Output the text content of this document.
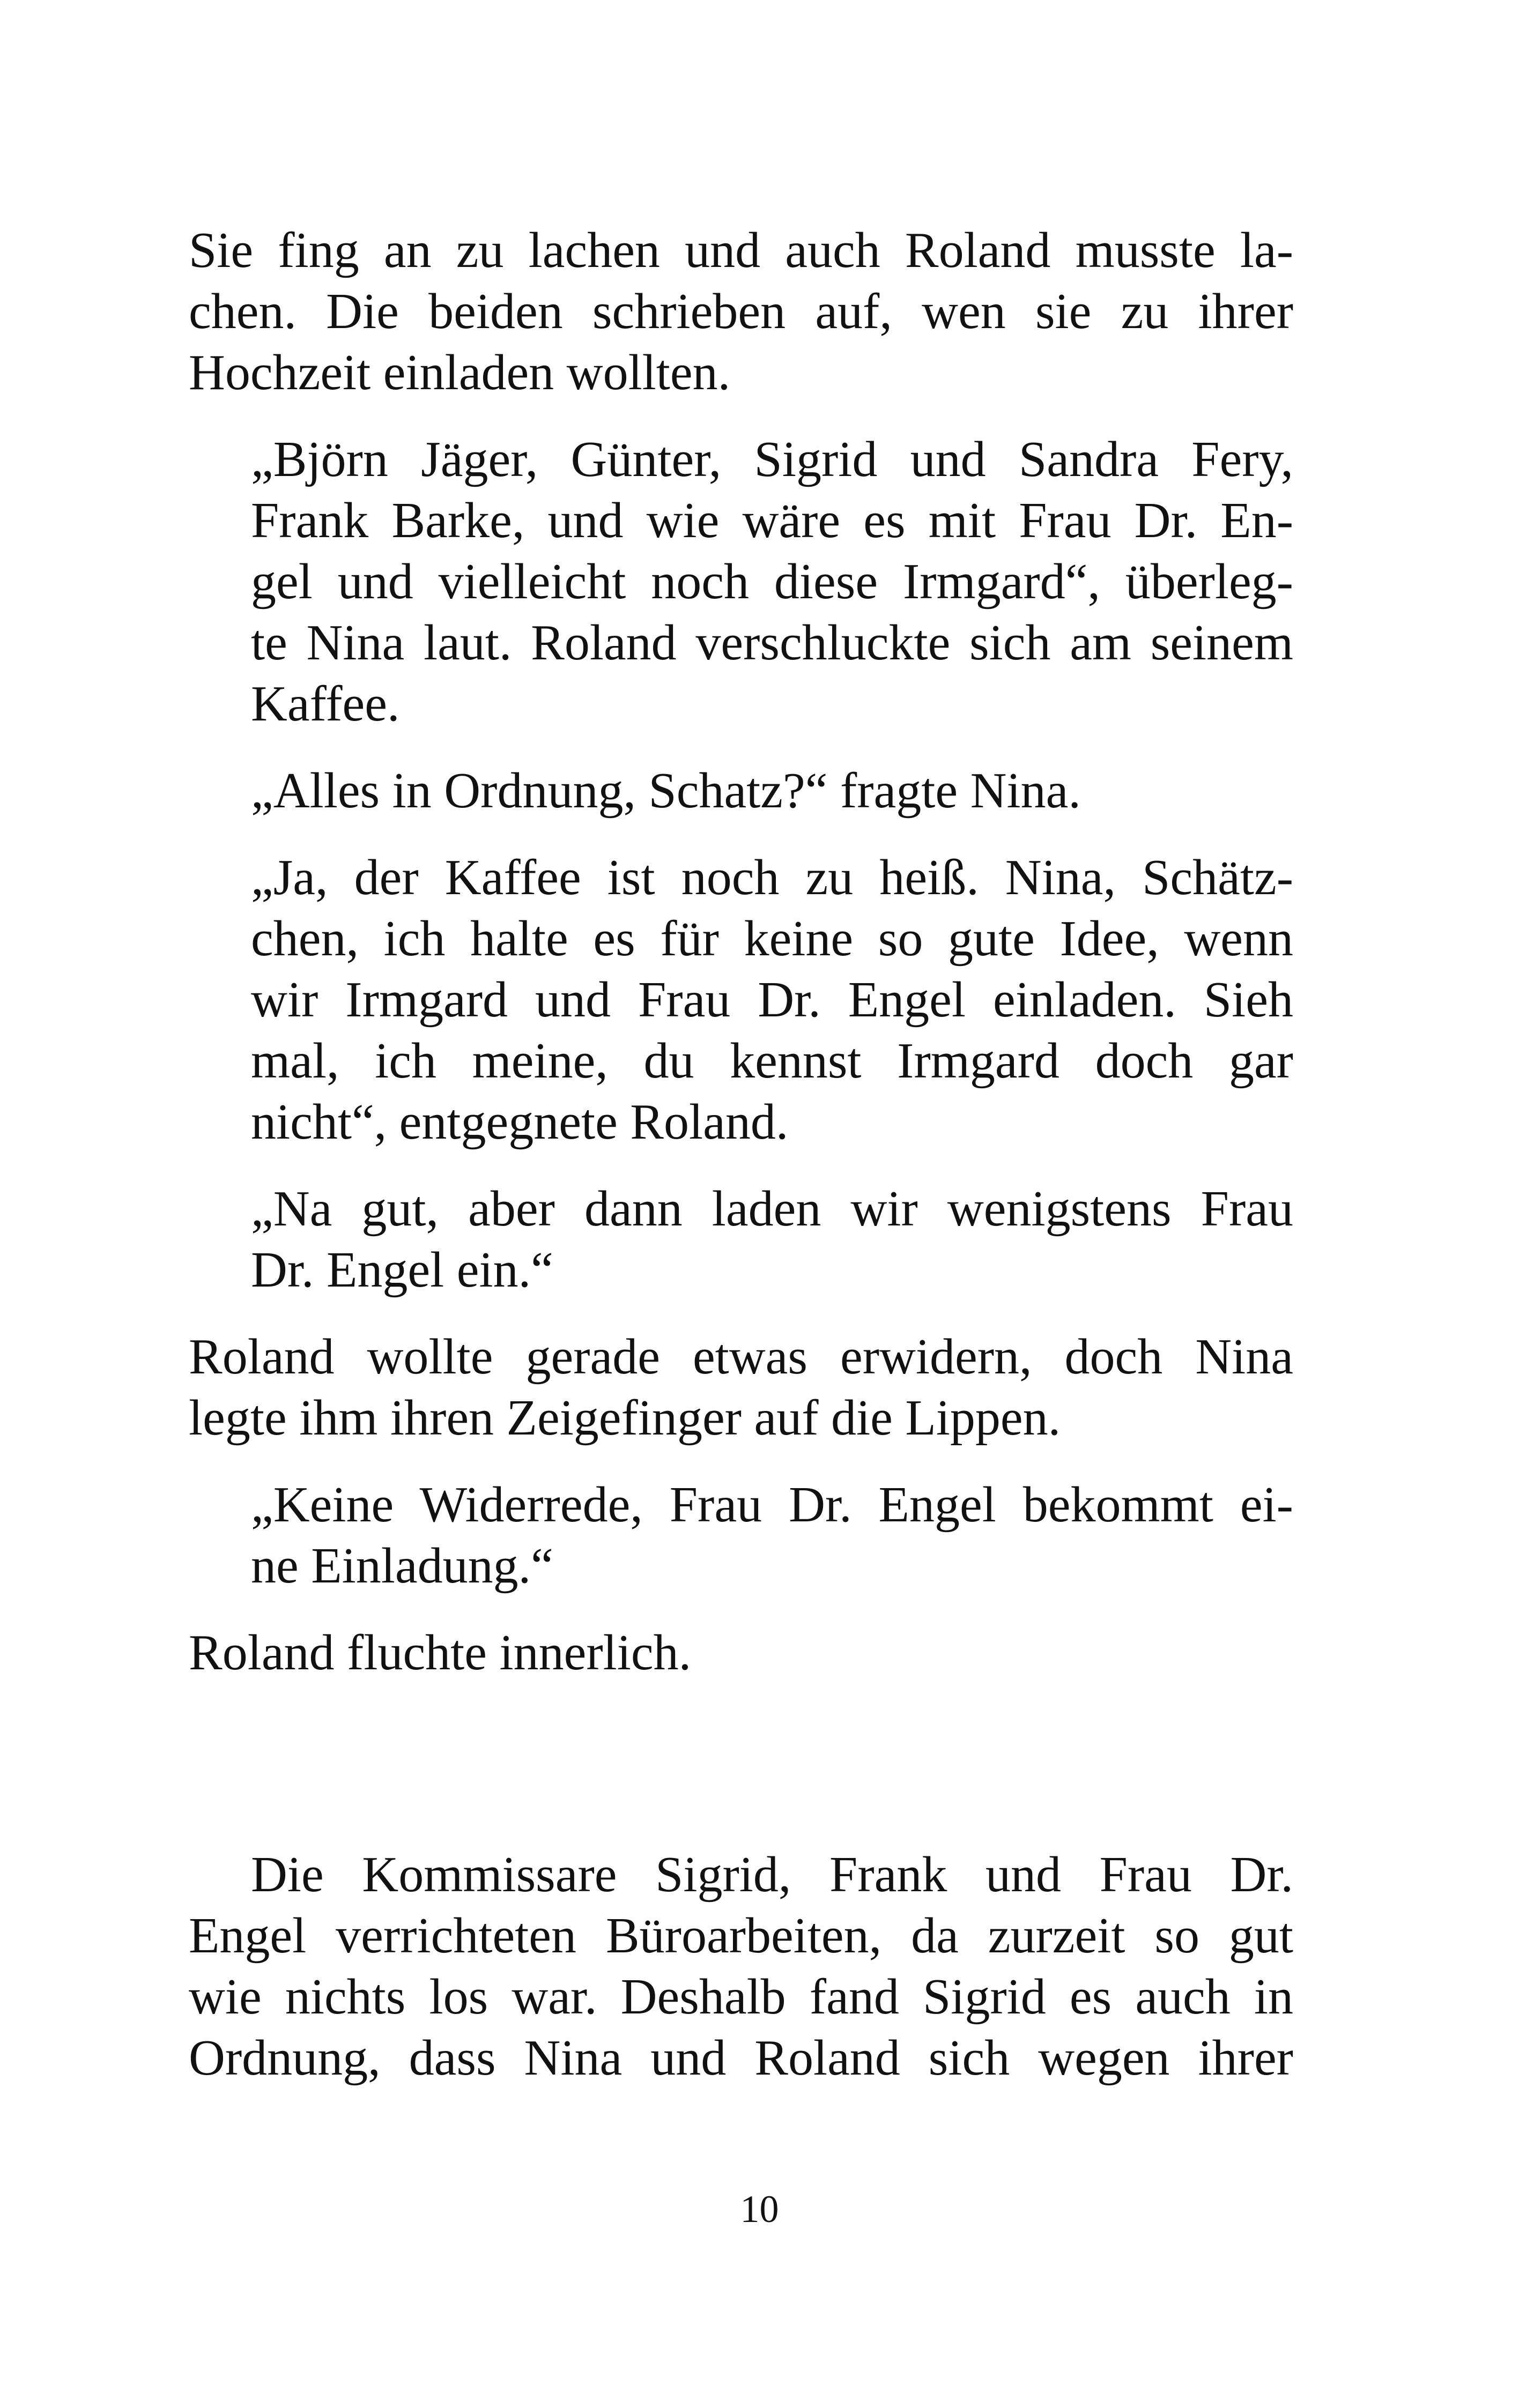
Sie fing an zu lachen und auch Roland musste la-
chen. Die beiden schrieben auf, wen sie zu ihrer
Hochzeit einladen wollten.
„Björn Jäger, Günter, Sigrid und Sandra Fery,
Frank Barke, und wie wäre es mit Frau Dr. En-
gel und vielleicht noch diese Irmgard“, überleg-
te Nina laut. Roland verschluckte sich am seinem
Kaffee.
„Alles in Ordnung, Schatz?“ fragte Nina.
„Ja, der Kaffee ist noch zu heiß. Nina, Schätz-
chen, ich halte es für keine so gute Idee, wenn
wir Irmgard und Frau Dr. Engel einladen. Sieh
mal, ich meine, du kennst Irmgard doch gar
nicht“, entgegnete Roland.
„Na gut, aber dann laden wir wenigstens Frau
Dr. Engel ein.“
Roland wollte gerade etwas erwidern, doch Nina
legte ihm ihren Zeigefinger auf die Lippen.
„Keine Widerrede, Frau Dr. Engel bekommt ei-
ne Einladung.“
Roland fluchte innerlich.
Die Kommissare Sigrid, Frank und Frau Dr.
Engel verrichteten Büroarbeiten, da zurzeit so gut
wie nichts los war. Deshalb fand Sigrid es auch in
Ordnung, dass Nina und Roland sich wegen ihrer
10
